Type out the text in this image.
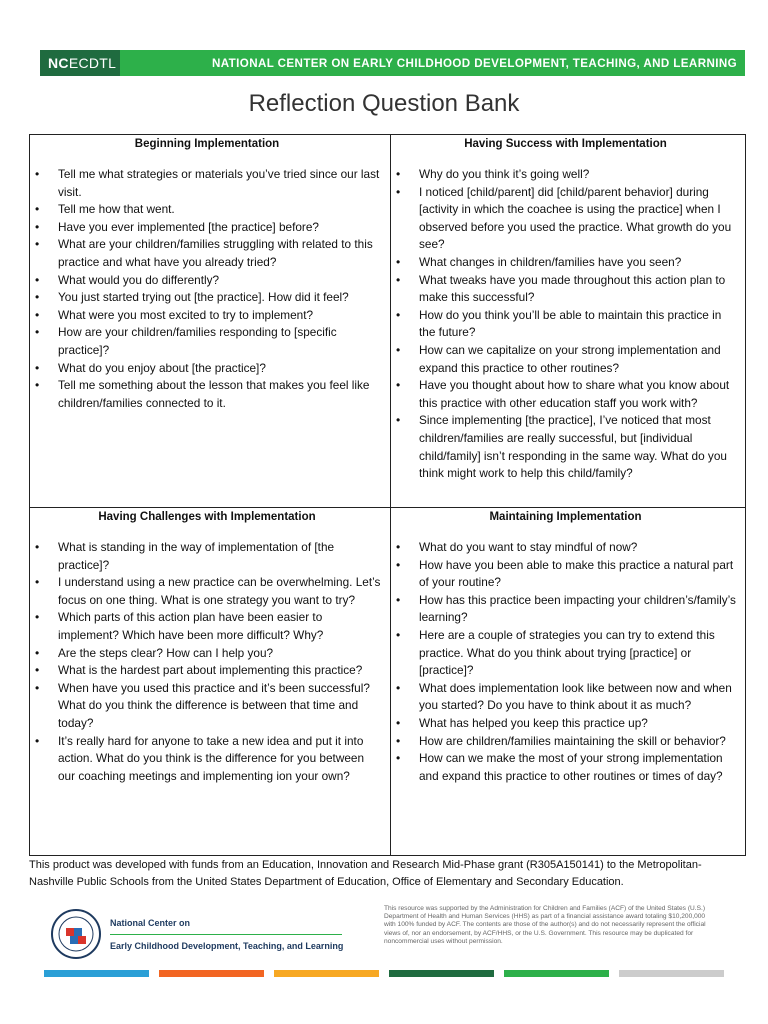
NC ECDTL	NATIONAL CENTER ON EARLY CHILDHOOD DEVELOPMENT, TEACHING, AND LEARNING
Reflection Question Bank
Beginning Implementation
• Tell me what strategies or materials you’ve tried since our last visit.
• Tell me how that went.
• Have you ever implemented [the practice] before?
• What are your children/families struggling with related to this practice and what have you already tried?
• What would you do differently?
• You just started trying out [the practice]. How did it feel?
• What were you most excited to try to implement?
• How are your children/families responding to [specific practice]?
• What do you enjoy about [the practice]?
• Tell me something about the lesson that makes you feel like children/families connected to it.
Having Success with Implementation
• Why do you think it’s going well?
• I noticed [child/parent] did [child/parent behavior] during [activity in which the coachee is using the practice] when I observed before you used the practice. What growth do you see?
• What changes in children/families have you seen?
• What tweaks have you made throughout this action plan to make this successful?
• How do you think you’ll be able to maintain this practice in the future?
• How can we capitalize on your strong implementation and expand this practice to other routines?
• Have you thought about how to share what you know about this practice with other education staff you work with?
• Since implementing [the practice], I’ve noticed that most children/families are really successful, but [individual child/family] isn’t responding in the same way. What do you think might work to help this child/family?
Having Challenges with Implementation
• What is standing in the way of implementation of [the practice]?
• I understand using a new practice can be overwhelming. Let’s focus on one thing. What is one strategy you want to try?
• Which parts of this action plan have been easier to implement? Which have been more difficult? Why?
• Are the steps clear? How can I help you?
• What is the hardest part about implementing this practice?
• When have you used this practice and it’s been successful? What do you think the difference is between that time and today?
• It’s really hard for anyone to take a new idea and put it into action. What do you think is the difference for you between our coaching meetings and implementing ion your own?
Maintaining Implementation
• What do you want to stay mindful of now?
• How have you been able to make this practice a natural part of your routine?
• How has this practice been impacting your children’s/family’s learning?
• Here are a couple of strategies you can try to extend this practice. What do you think about trying [practice] or [practice]?
• What does implementation look like between now and when you started? Do you have to think about it as much?
• What has helped you keep this practice up?
• How are children/families maintaining the skill or behavior?
• How can we make the most of your strong implementation and expand this practice to other routines or times of day?

This product was developed with funds from an Education, Innovation and Research Mid-Phase grant (R305A150141) to the Metropolitan-Nashville Public Schools from the United States Department of Education, Office of Elementary and Secondary Education.

National Center on
Early Childhood Development, Teaching, and Learning

This resource was supported by the Administration for Children and Families (ACF) of the United States (U.S.) Department of Health and Human Services (HHS) as part of a financial assistance award totaling $10,200,000 with 100% funded by ACF. The contents are those of the author(s) and do not necessarily represent the official views of, nor an endorsement, by ACF/HHS, or the U.S. Government. This resource may be duplicated for noncommercial uses without permission.
